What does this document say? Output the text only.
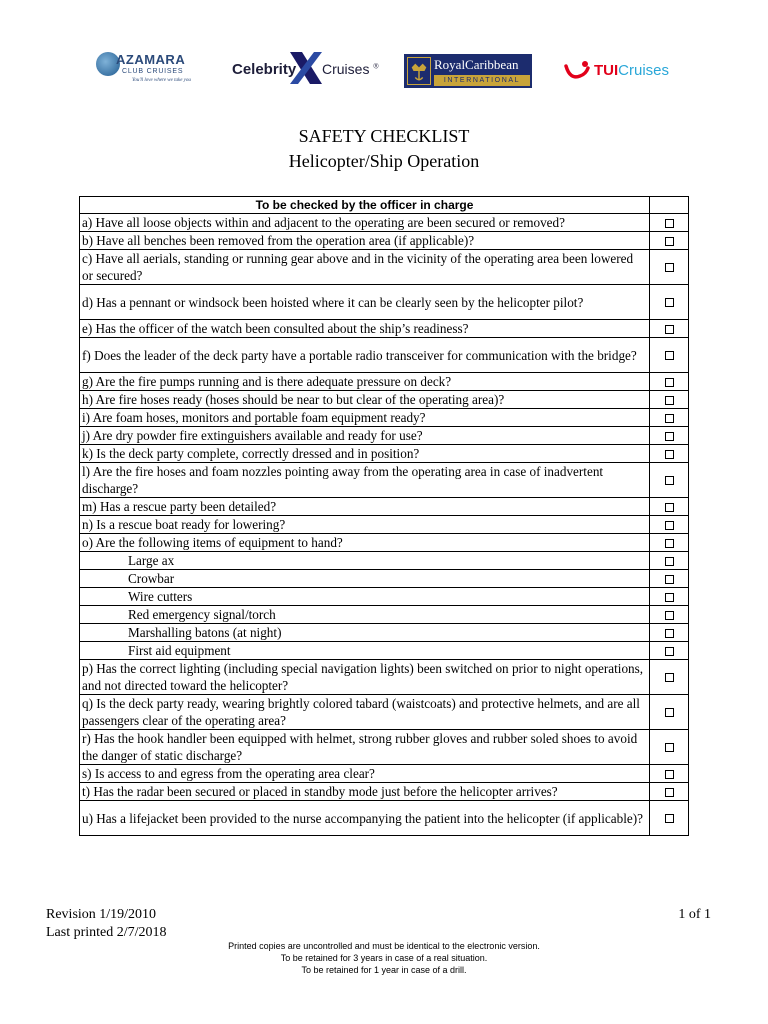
AZAMARA
CLUB CRUISES
You'll love where we take you
Celebrity Cruises ®	RoyalCaribbean
INTERNATIONAL
TUICruises
SAFETY CHECKLIST
Helicopter/Ship Operation
To be checked by the officer in charge	

a) Have all loose objects within and adjacent to the operating are been secured or removed?	

b) Have all benches been removed from the operation area (if applicable)?	

c) Have all aerials, standing or running gear above and in the vicinity of the operating area been lowered or secured?	

d) Has a pennant or windsock been hoisted where it can be clearly seen by the helicopter pilot?	

e) Has the officer of the watch been consulted about the ship’s readiness?	

f) Does the leader of the deck party have a portable radio transceiver for communication with the bridge?	

g) Are the fire pumps running and is there adequate pressure on deck?	

h) Are fire hoses ready (hoses should be near to but clear of the operating area)?	

i) Are foam hoses, monitors and portable foam equipment ready?	

j) Are dry powder fire extinguishers available and ready for use?	

k) Is the deck party complete, correctly dressed and in position?	

l) Are the fire hoses and foam nozzles pointing away from the operating area in case of inadvertent discharge?	

m) Has a rescue party been detailed?	

n) Is a rescue boat ready for lowering?	

o) Are the following items of equipment to hand?	

Large ax	

Crowbar	

Wire cutters	

Red emergency signal/torch	

Marshalling batons (at night)	

First aid equipment	

p) Has the correct lighting (including special navigation lights) been switched on prior to night operations, and not directed toward the helicopter?	

q) Is the deck party ready, wearing brightly colored tabard (waistcoats) and protective helmets, and are all passengers clear of the operating area?	

r) Has the hook handler been equipped with helmet, strong rubber gloves and rubber soled shoes to avoid the danger of static discharge?	

s) Is access to and egress from the operating area clear?	

t) Has the radar been secured or placed in standby mode just before the helicopter arrives?	

u) Has a lifejacket been provided to the nurse accompanying the patient into the helicopter (if applicable)?	

Revision 1/19/2010
Last printed 2/7/2018
1 of 1
Printed copies are uncontrolled and must be identical to the electronic version.
To be retained for 3 years in case of a real situation.
To be retained for 1 year in case of a drill.
